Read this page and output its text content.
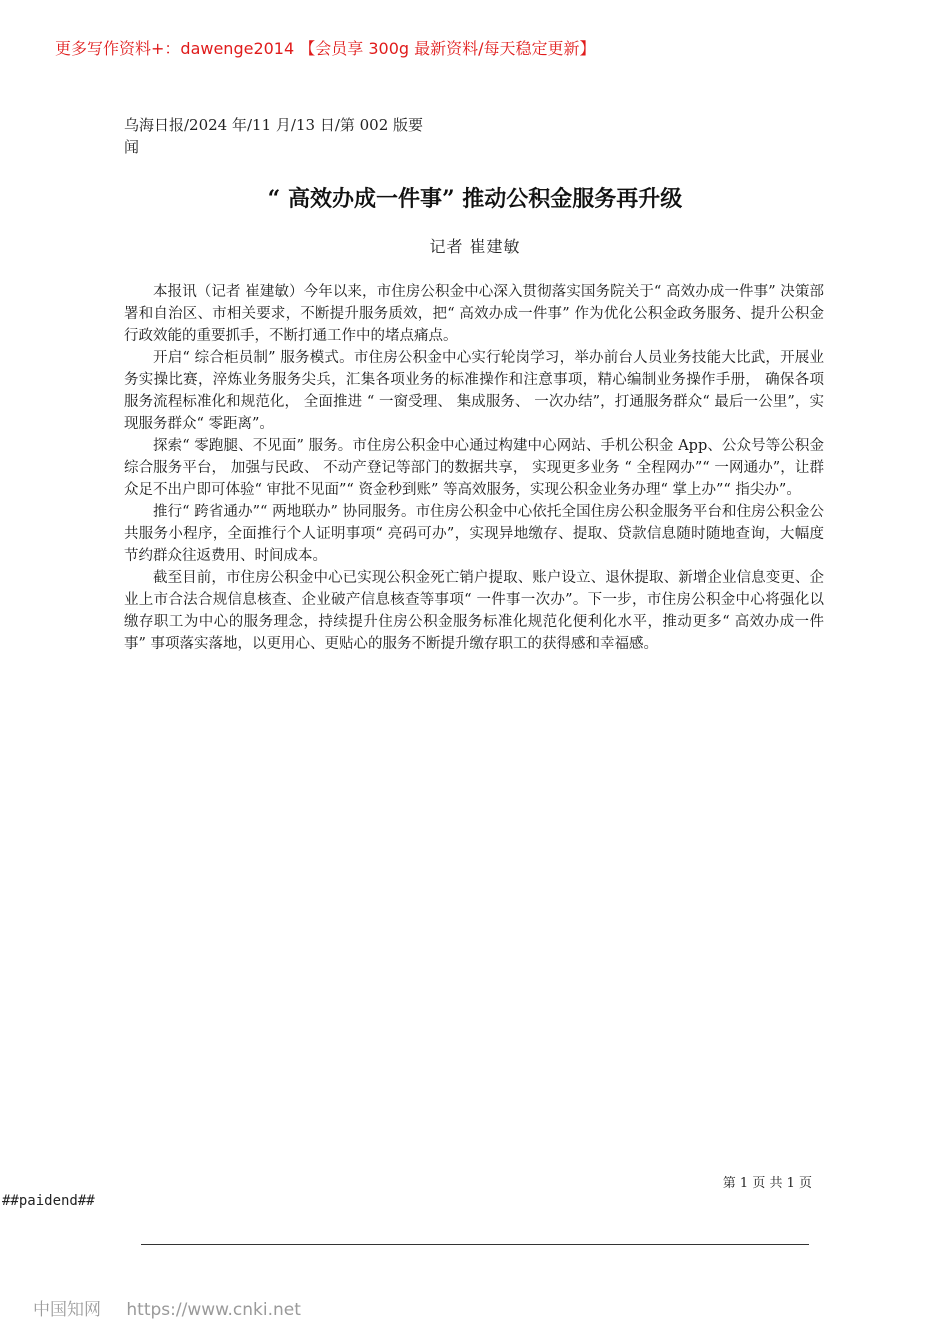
更多写作资料+：dawenge2014 【会员享 300g 最新资料/每天稳定更新】
乌海日报/2024 年/11 月/13 日/第 002 版要闻
“ 高效办成一件事” 推动公积金服务再升级
记者 崔建敏

本报讯（记者 崔建敏）今年以来，市住房公积金中心深入贯彻落实国务院关于“ 高效办成一件事” 决策部署和自治区、市相关要求，不断提升服务质效，把“ 高效办成一件事” 作为优化公积金政务服务、提升公积金行政效能的重要抓手，不断打通工作中的堵点痛点。

开启“ 综合柜员制” 服务模式。市住房公积金中心实行轮岗学习，举办前台人员业务技能大比武，开展业务实操比赛，淬炼业务服务尖兵，汇集各项业务的标准操作和注意事项，精心编制业务操作手册， 确保各项服务流程标准化和规范化， 全面推进 “ 一窗受理、 集成服务、 一次办结”，打通服务群众“ 最后一公里”，实现服务群众“ 零距离”。

探索“ 零跑腿、不见面” 服务。市住房公积金中心通过构建中心网站、手机公积金 App、公众号等公积金综合服务平台， 加强与民政、 不动产登记等部门的数据共享， 实现更多业务 “ 全程网办”“ 一网通办”，让群众足不出户即可体验“ 审批不见面”“ 资金秒到账” 等高效服务，实现公积金业务办理“ 掌上办”“ 指尖办”。

推行“ 跨省通办”“ 两地联办” 协同服务。市住房公积金中心依托全国住房公积金服务平台和住房公积金公共服务小程序，全面推行个人证明事项“ 亮码可办”，实现异地缴存、提取、贷款信息随时随地查询，大幅度节约群众往返费用、时间成本。

截至目前，市住房公积金中心已实现公积金死亡销户提取、账户设立、退休提取、新增企业信息变更、企业上市合法合规信息核查、企业破产信息核查等事项“ 一件事一次办”。下一步，市住房公积金中心将强化以缴存职工为中心的服务理念，持续提升住房公积金服务标准化规范化便利化水平，推动更多“ 高效办成一件事” 事项落实落地，以更用心、更贴心的服务不断提升缴存职工的获得感和幸福感。

第 1 页 共 1 页
##paidend##
中国知网 https://www.cnki.net
